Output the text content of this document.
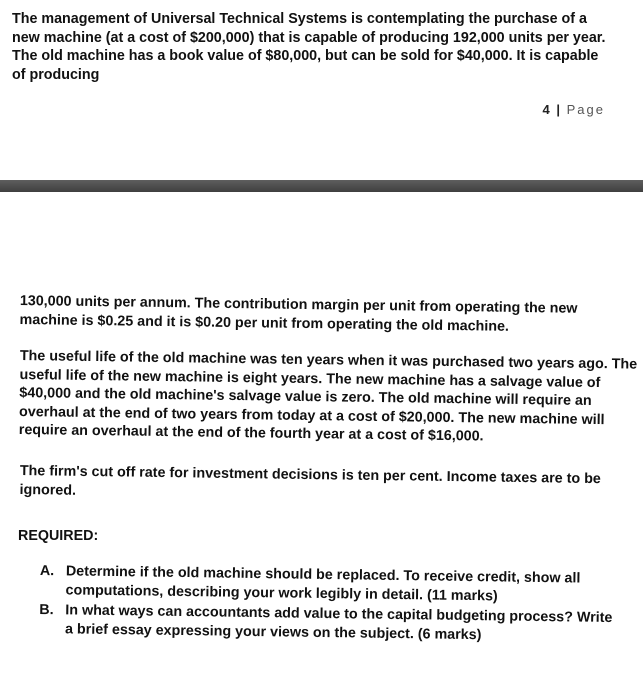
The management of Universal Technical Systems is contemplating the purchase of a new machine (at a cost of $200,000) that is capable of producing 192,000 units per year. The old machine has a book value of $80,000, but can be sold for $40,000. It is capable of producing

4 | Page

130,000 units per annum. The contribution margin per unit from operating the new machine is $0.25 and it is $0.20 per unit from operating the old machine.

The useful life of the old machine was ten years when it was purchased two years ago. The useful life of the new machine is eight years. The new machine has a salvage value of $40,000 and the old machine's salvage value is zero. The old machine will require an overhaul at the end of two years from today at a cost of $20,000. The new machine will require an overhaul at the end of the fourth year at a cost of $16,000.

The firm's cut off rate for investment decisions is ten per cent. Income taxes are to be ignored.

REQUIRED:

A. Determine if the old machine should be replaced. To receive credit, show all computations, describing your work legibly in detail. (11 marks)
B. In what ways can accountants add value to the capital budgeting process? Write a brief essay expressing your views on the subject. (6 marks)
